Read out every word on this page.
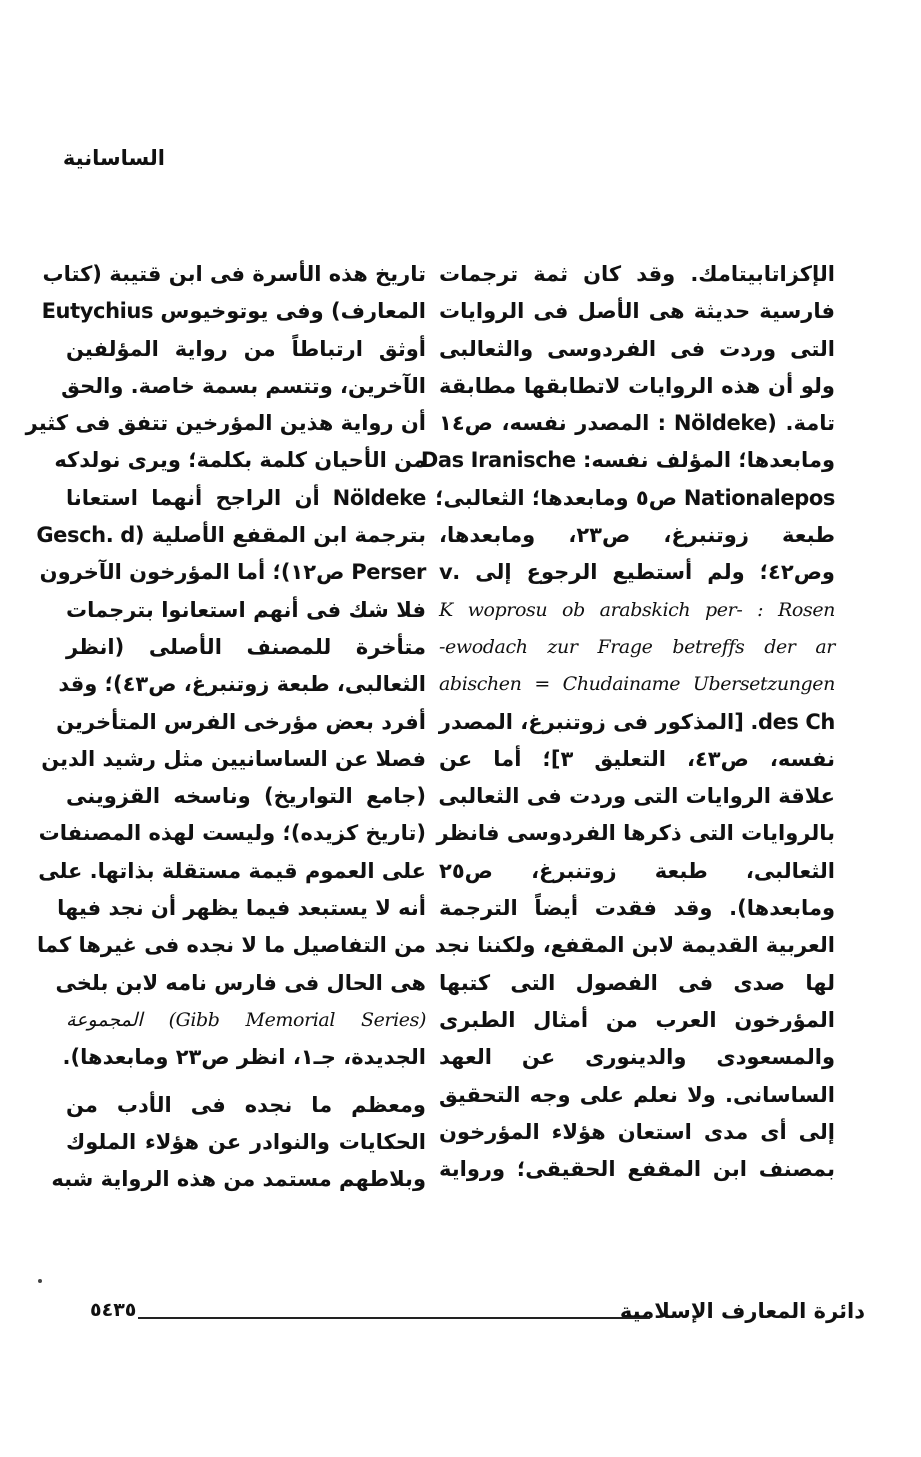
الساسانية
الإكزاتابيتامك. وقد كان ثمة ترجمات
فارسية حديثة هى الأصل فى الروايات
التى وردت فى الفردوسى والثعالبى
ولو أن هذه الروايات لاتطابقها مطابقة
تامة. (Nöldeke : المصدر نفسه، ص١٤
ومابعدها؛ المؤلف نفسه: Das Iranische
Nationalepos ص٥ ومابعدها؛ الثعالبى؛
طبعة زوتنبرغ، ص٢٣، ومابعدها،
وص٤٢؛ ولم أستطيع الرجوع إلى .v
K woprosu ob arabskich per- : Rosen
ewodach zur Frage betreffs der ar-
abischen = Chudainame Ubersetzungen
des Ch. [المذكور فى زوتنبرغ، المصدر
نفسه، ص٤٣، التعليق ٣]؛ أما عن
علاقة الروايات التى وردت فى الثعالبى
بالروايات التى ذكرها الفردوسى فانظر
الثعالبى، طبعة زوتنبرغ، ص٢٥
ومابعدها). وقد فقدت أيضاً الترجمة
العربية القديمة لابن المقفع، ولكننا نجد
لها صدى فى الفصول التى كتبها
المؤرخون العرب من أمثال الطبرى
والمسعودى والدينورى عن العهد
الساسانى. ولا نعلم على وجه التحقيق
إلى أى مدى استعان هؤلاء المؤرخون
بمصنف ابن المقفع الحقيقى؛ ورواية
تاريخ هذه الأسرة فى ابن قتيبة (كتاب
المعارف) وفى يوتوخيوس Eutychius
أوثق ارتباطاً من رواية المؤلفين
الآخرين، وتتسم بسمة خاصة. والحق
أن رواية هذين المؤرخين تتفق فى كثير
من الأحيان كلمة بكلمة؛ ويرى نولدكه
Nöldeke أن الراجح أنهما استعانا
بترجمة ابن المقفع الأصلية (Gesch. d
Perser ص١٢)؛ أما المؤرخون الآخرون
فلا شك فى أنهم استعانوا بترجمات
متأخرة للمصنف الأصلى (انظر
الثعالبى، طبعة زوتنبرغ، ص٤٣)؛ وقد
أفرد بعض مؤرخى الفرس المتأخرين
فصلا عن الساسانيين مثل رشيد الدين
(جامع التواريخ) وناسخه القزوينى
(تاريخ كزيده)؛ وليست لهذه المصنفات
على العموم قيمة مستقلة بذاتها. على
أنه لا يستبعد فيما يظهر أن نجد فيها
من التفاصيل ما لا نجده فى غيرها كما
هى الحال فى فارس نامه لابن بلخى
(Gibb Memorial Series) المجموعة
الجديدة، جـ١، انظر ص٢٣ ومابعدها).
ومعظم ما نجده فى الأدب من
الحكايات والنوادر عن هؤلاء الملوك
وبلاطهم مستمد من هذه الرواية شبه
دائرة المعارف الإسلامية
٥٤٣٥
